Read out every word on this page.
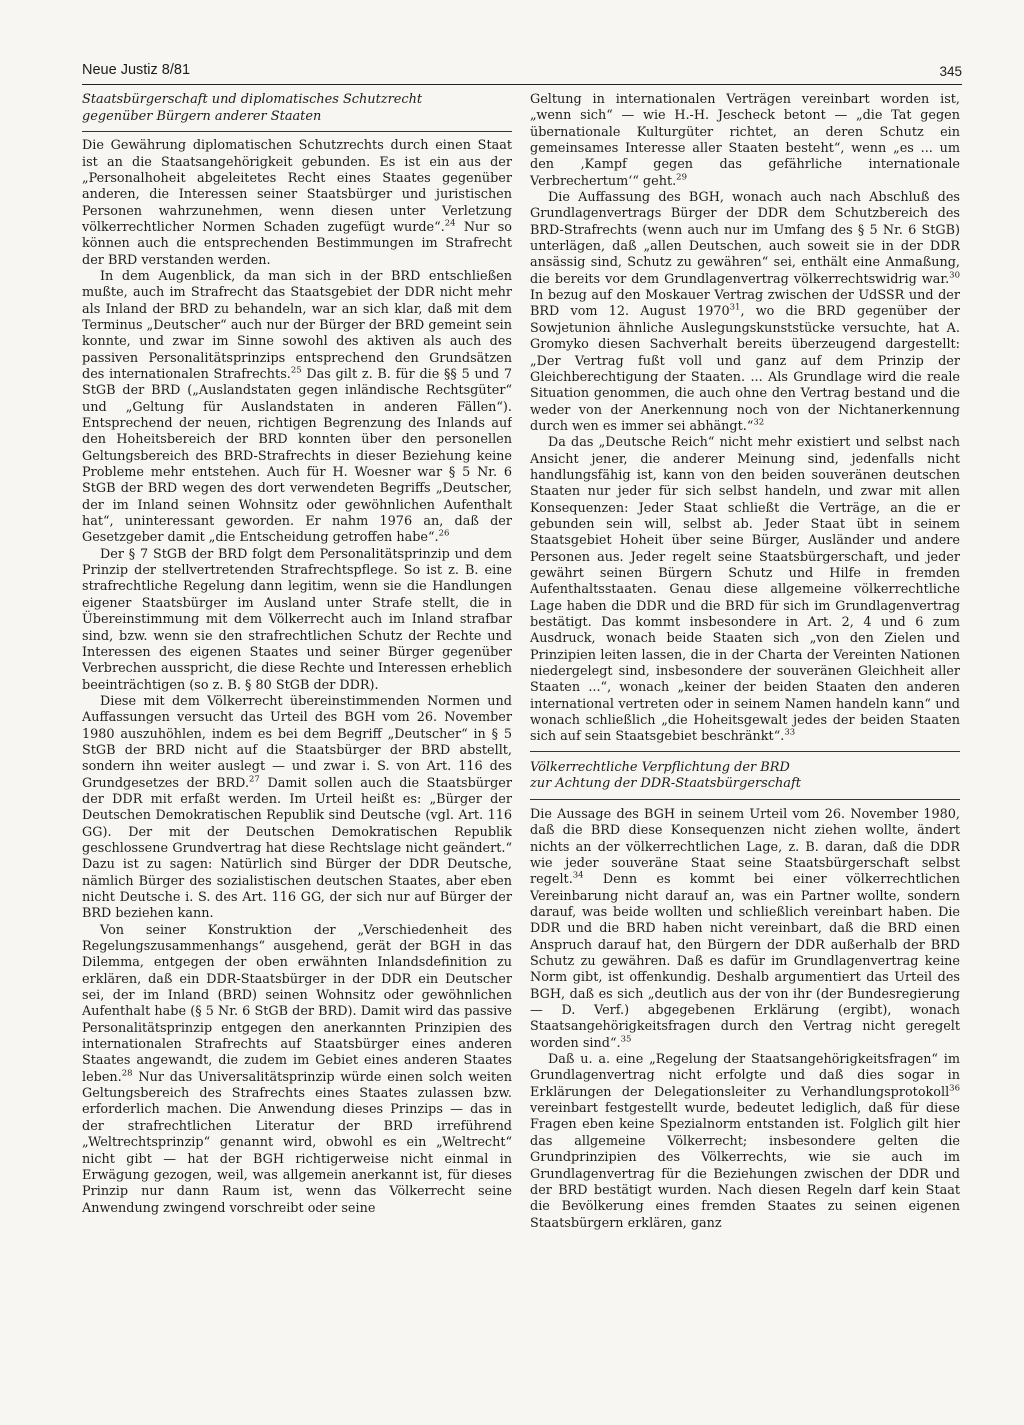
Neue Justiz 8/81	345
Staatsbürgerschaft und diplomatisches Schutzrecht
gegenüber Bürgern anderer Staaten

Die Gewährung diplomatischen Schutzrechts durch einen Staat ist an die Staatsangehörigkeit gebunden. Es ist ein aus der „Personalhoheit abgeleitetes Recht eines Staates gegenüber anderen, die Interessen seiner Staatsbürger und juristischen Personen wahrzunehmen, wenn diesen unter Verletzung völkerrechtlicher Normen Schaden zugefügt wurde“.$^{24}$ Nur so können auch die entsprechenden Bestimmungen im Strafrecht der BRD verstanden werden.

In dem Augenblick, da man sich in der BRD entschließen mußte, auch im Strafrecht das Staatsgebiet der DDR nicht mehr als Inland der BRD zu behandeln, war an sich klar, daß mit dem Terminus „Deutscher“ auch nur der Bürger der BRD gemeint sein konnte, und zwar im Sinne sowohl des aktiven als auch des passiven Personalitätsprinzips entsprechend den Grundsätzen des internationalen Strafrechts.$^{25}$ Das gilt z. B. für die §§ 5 und 7 StGB der BRD („Auslandstaten gegen inländische Rechtsgüter“ und „Geltung für Auslandstaten in anderen Fällen“). Entsprechend der neuen, richtigen Begrenzung des Inlands auf den Hoheitsbereich der BRD konnten über den personellen Geltungsbereich des BRD-Strafrechts in dieser Beziehung keine Probleme mehr entstehen. Auch für H. Woesner war § 5 Nr. 6 StGB der BRD wegen des dort verwendeten Begriffs „Deutscher, der im Inland seinen Wohnsitz oder gewöhnlichen Aufenthalt hat“, uninteressant geworden. Er nahm 1976 an, daß der Gesetzgeber damit „die Entscheidung getroffen habe“.$^{26}$

Der § 7 StGB der BRD folgt dem Personalitätsprinzip und dem Prinzip der stellvertretenden Strafrechtspflege. So ist z. B. eine strafrechtliche Regelung dann legitim, wenn sie die Handlungen eigener Staatsbürger im Ausland unter Strafe stellt, die in Übereinstimmung mit dem Völkerrecht auch im Inland strafbar sind, bzw. wenn sie den strafrechtlichen Schutz der Rechte und Interessen des eigenen Staates und seiner Bürger gegenüber Verbrechen ausspricht, die diese Rechte und Interessen erheblich beeinträchtigen (so z. B. § 80 StGB der DDR).

Diese mit dem Völkerrecht übereinstimmenden Normen und Auffassungen versucht das Urteil des BGH vom 26. November 1980 auszuhöhlen, indem es bei dem Begriff „Deutscher“ in § 5 StGB der BRD nicht auf die Staatsbürger der BRD abstellt, sondern ihn weiter auslegt — und zwar i. S. von Art. 116 des Grundgesetzes der BRD.$^{27}$ Damit sollen auch die Staatsbürger der DDR mit erfaßt werden. Im Urteil heißt es: „Bürger der Deutschen Demokratischen Republik sind Deutsche (vgl. Art. 116 GG). Der mit der Deutschen Demokratischen Republik geschlossene Grundvertrag hat diese Rechtslage nicht geändert.“ Dazu ist zu sagen: Natürlich sind Bürger der DDR Deutsche, nämlich Bürger des sozialistischen deutschen Staates, aber eben nicht Deutsche i. S. des Art. 116 GG, der sich nur auf Bürger der BRD beziehen kann.

Von seiner Konstruktion der „Verschiedenheit des Regelungszusammenhangs“ ausgehend, gerät der BGH in das Dilemma, entgegen der oben erwähnten Inlandsdefinition zu erklären, daß ein DDR-Staatsbürger in der DDR ein Deutscher sei, der im Inland (BRD) seinen Wohnsitz oder gewöhnlichen Aufenthalt habe (§ 5 Nr. 6 StGB der BRD). Damit wird das passive Personalitätsprinzip entgegen den anerkannten Prinzipien des internationalen Strafrechts auf Staatsbürger eines anderen Staates angewandt, die zudem im Gebiet eines anderen Staates leben.$^{28}$ Nur das Universalitätsprinzip würde einen solch weiten Geltungsbereich des Strafrechts eines Staates zulassen bzw. erforderlich machen. Die Anwendung dieses Prinzips — das in der strafrechtlichen Literatur der BRD irreführend „Weltrechtsprinzip“ genannt wird, obwohl es ein „Weltrecht“ nicht gibt — hat der BGH richtigerweise nicht einmal in Erwägung gezogen, weil, was allgemein anerkannt ist, für dieses Prinzip nur dann Raum ist, wenn das Völkerrecht seine Anwendung zwingend vorschreibt oder seine

Geltung in internationalen Verträgen vereinbart worden ist, „wenn sich“ — wie H.-H. Jescheck betont — „die Tat gegen übernationale Kulturgüter richtet, an deren Schutz ein gemeinsames Interesse aller Staaten besteht“, wenn „es ... um den ‚Kampf gegen das gefährliche internationale Verbrechertum‘“ geht.$^{29}$

Die Auffassung des BGH, wonach auch nach Abschluß des Grundlagenvertrags Bürger der DDR dem Schutzbereich des BRD-Strafrechts (wenn auch nur im Umfang des § 5 Nr. 6 StGB) unterlägen, daß „allen Deutschen, auch soweit sie in der DDR ansässig sind, Schutz zu gewähren“ sei, enthält eine Anmaßung, die bereits vor dem Grundlagenvertrag völkerrechtswidrig war.$^{30}$ In bezug auf den Moskauer Vertrag zwischen der UdSSR und der BRD vom 12. August 1970$^{31}$, wo die BRD gegenüber der Sowjetunion ähnliche Auslegungskunststücke versuchte, hat A. Gromyko diesen Sachverhalt bereits überzeugend dargestellt: „Der Vertrag fußt voll und ganz auf dem Prinzip der Gleichberechtigung der Staaten. ... Als Grundlage wird die reale Situation genommen, die auch ohne den Vertrag bestand und die weder von der Anerkennung noch von der Nichtanerkennung durch wen es immer sei abhängt.“$^{32}$

Da das „Deutsche Reich“ nicht mehr existiert und selbst nach Ansicht jener, die anderer Meinung sind, jedenfalls nicht handlungsfähig ist, kann von den beiden souveränen deutschen Staaten nur jeder für sich selbst handeln, und zwar mit allen Konsequenzen: Jeder Staat schließt die Verträge, an die er gebunden sein will, selbst ab. Jeder Staat übt in seinem Staatsgebiet Hoheit über seine Bürger, Ausländer und andere Personen aus. Jeder regelt seine Staatsbürgerschaft, und jeder gewährt seinen Bürgern Schutz und Hilfe in fremden Aufenthaltsstaaten. Genau diese allgemeine völkerrechtliche Lage haben die DDR und die BRD für sich im Grundlagenvertrag bestätigt. Das kommt insbesondere in Art. 2, 4 und 6 zum Ausdruck, wonach beide Staaten sich „von den Zielen und Prinzipien leiten lassen, die in der Charta der Vereinten Nationen niedergelegt sind, insbesondere der souveränen Gleichheit aller Staaten ...“, wonach „keiner der beiden Staaten den anderen international vertreten oder in seinem Namen handeln kann“ und wonach schließlich „die Hoheitsgewalt jedes der beiden Staaten sich auf sein Staatsgebiet beschränkt“.$^{33}$

Völkerrechtliche Verpflichtung der BRD
zur Achtung der DDR-Staatsbürgerschaft

Die Aussage des BGH in seinem Urteil vom 26. November 1980, daß die BRD diese Konsequenzen nicht ziehen wollte, ändert nichts an der völkerrechtlichen Lage, z. B. daran, daß die DDR wie jeder souveräne Staat seine Staatsbürgerschaft selbst regelt.$^{34}$ Denn es kommt bei einer völkerrechtlichen Vereinbarung nicht darauf an, was ein Partner wollte, sondern darauf, was beide wollten und schließlich vereinbart haben. Die DDR und die BRD haben nicht vereinbart, daß die BRD einen Anspruch darauf hat, den Bürgern der DDR außerhalb der BRD Schutz zu gewähren. Daß es dafür im Grundlagenvertrag keine Norm gibt, ist offenkundig. Deshalb argumentiert das Urteil des BGH, daß es sich „deutlich aus der von ihr (der Bundesregierung — D. Verf.) abgegebenen Erklärung (ergibt), wonach Staatsangehörigkeitsfragen durch den Vertrag nicht geregelt worden sind“.$^{35}$

Daß u. a. eine „Regelung der Staatsangehörigkeitsfragen“ im Grundlagenvertrag nicht erfolgte und daß dies sogar in Erklärungen der Delegationsleiter zu Verhandlungsprotokoll$^{36}$ vereinbart festgestellt wurde, bedeutet lediglich, daß für diese Fragen eben keine Spezialnorm entstanden ist. Folglich gilt hier das allgemeine Völkerrecht; insbesondere gelten die Grundprinzipien des Völkerrechts, wie sie auch im Grundlagenvertrag für die Beziehungen zwischen der DDR und der BRD bestätigt wurden. Nach diesen Regeln darf kein Staat die Bevölkerung eines fremden Staates zu seinen eigenen Staatsbürgern erklären, ganz
